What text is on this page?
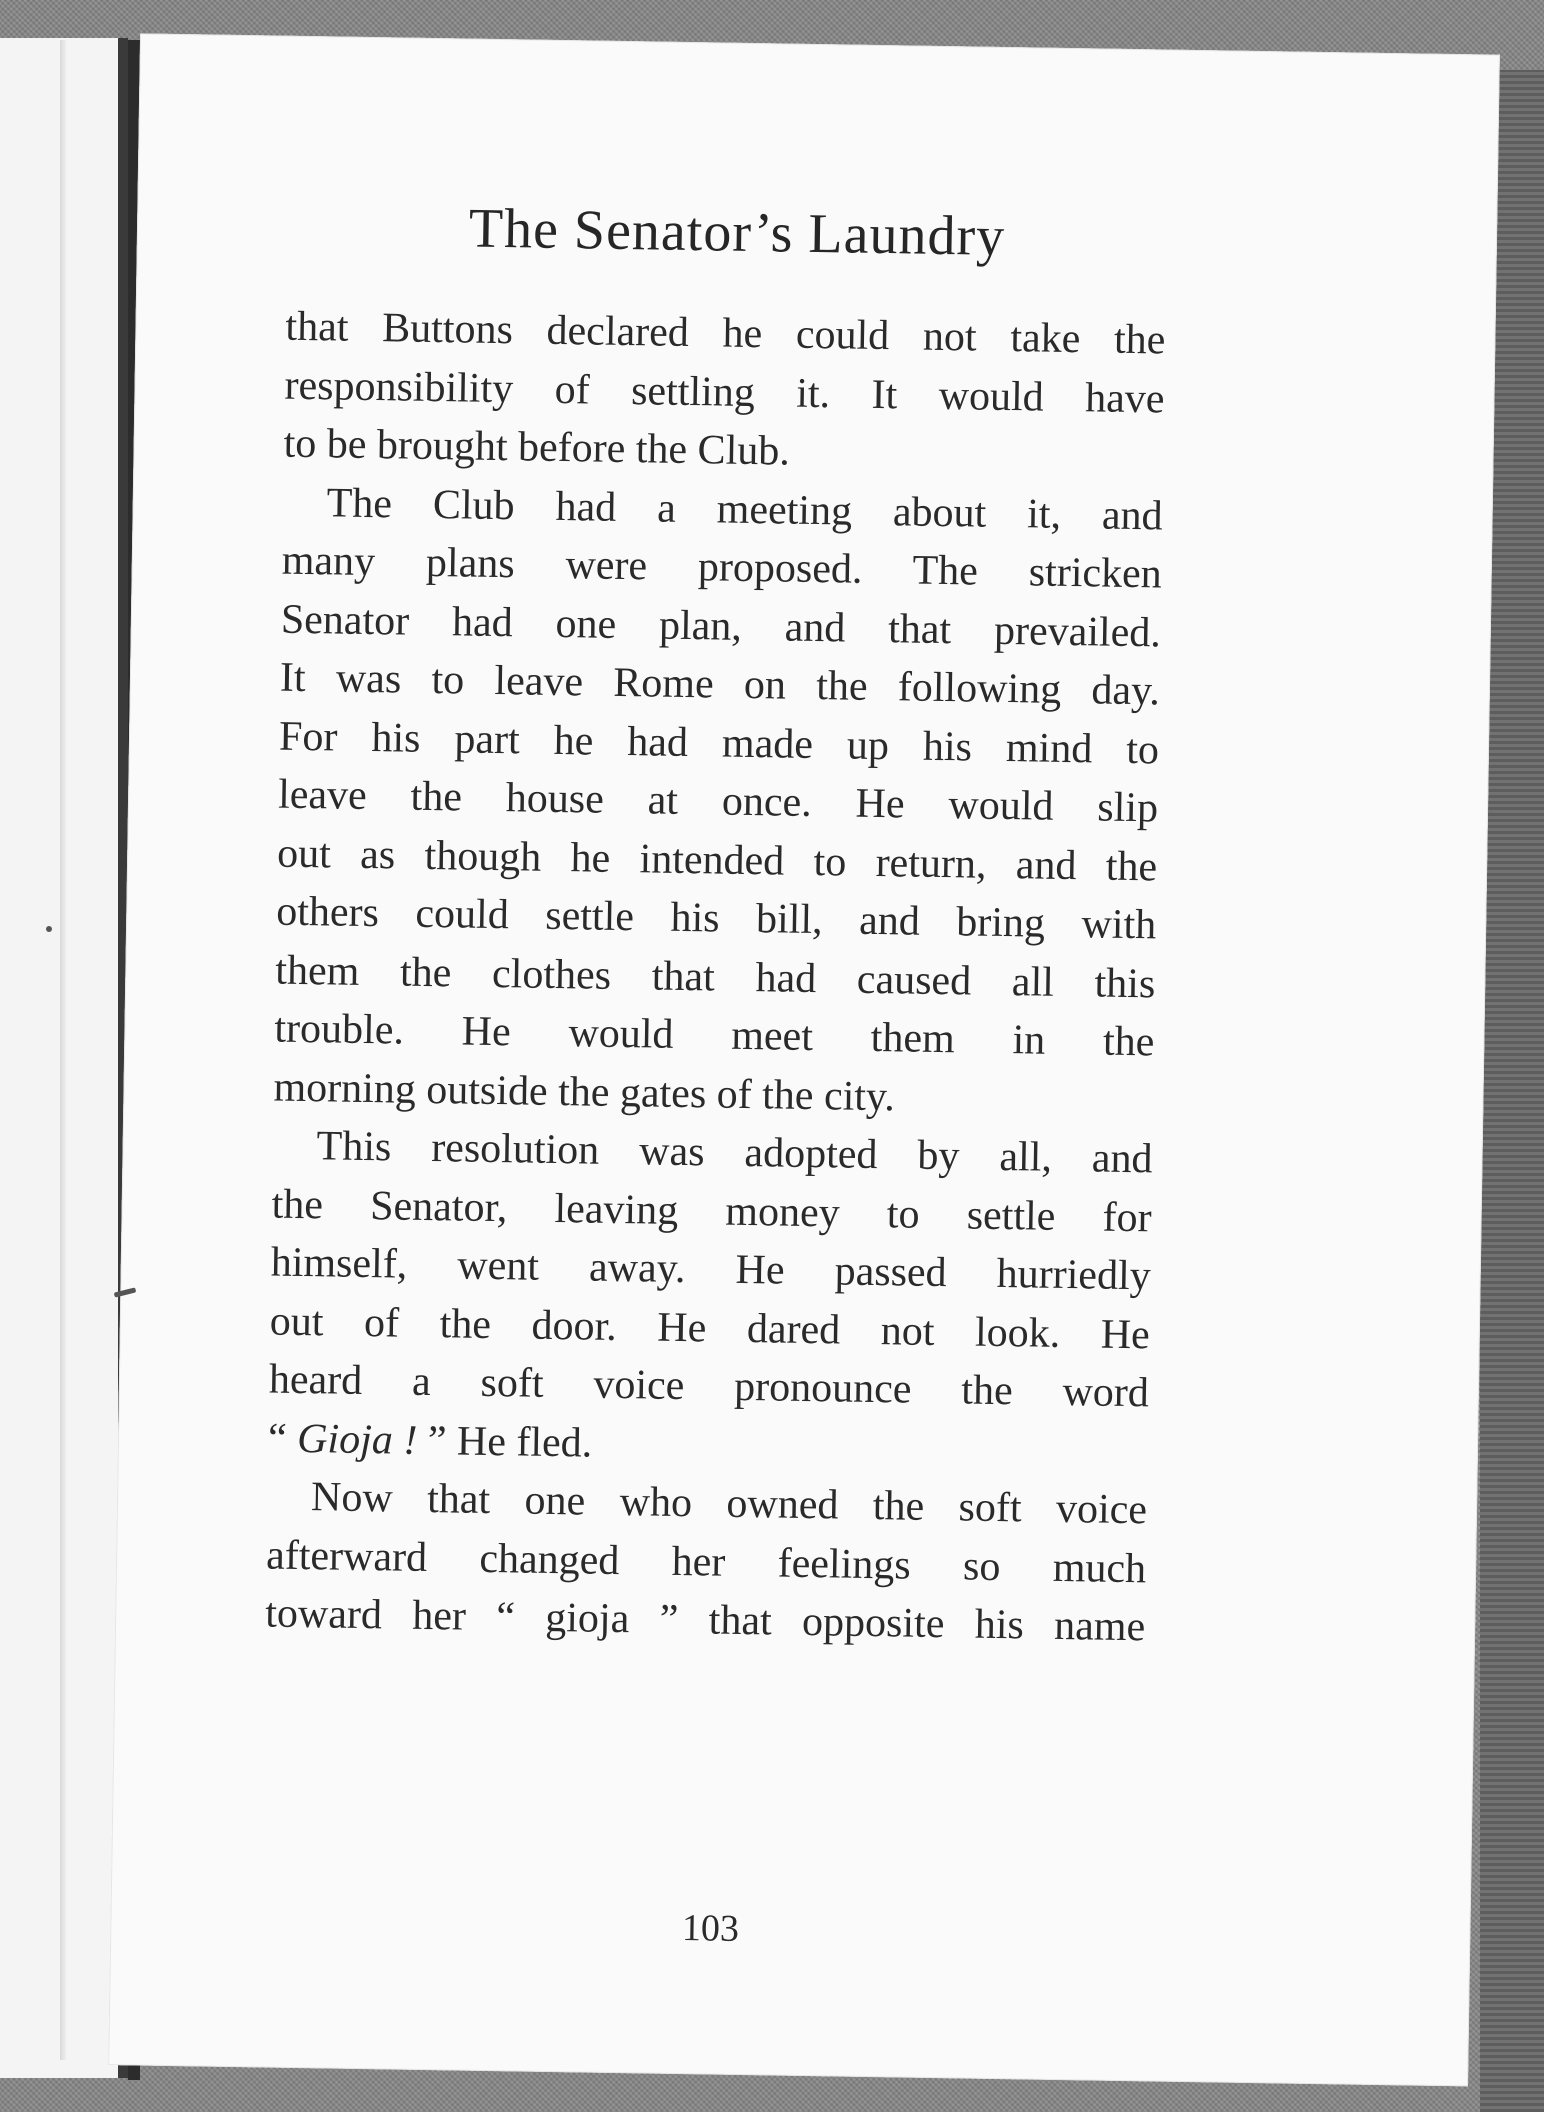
The Senator’s Laundry
that Buttons declared he could not take the
responsibility of settling it. It would have
to be brought before the Club.
The Club had a meeting about it, and
many plans were proposed. The stricken
Senator had one plan, and that prevailed.
It was to leave Rome on the following day.
For his part he had made up his mind to
leave the house at once. He would slip
out as though he intended to return, and the
others could settle his bill, and bring with
them the clothes that had caused all this
trouble. He would meet them in the
morning outside the gates of the city.
This resolution was adopted by all, and
the Senator, leaving money to settle for
himself, went away. He passed hurriedly
out of the door. He dared not look. He
heard a soft voice pronounce the word
“ Gioja ! ” He fled.
Now that one who owned the soft voice
afterward changed her feelings so much
toward her “ gioja ” that opposite his name
103
